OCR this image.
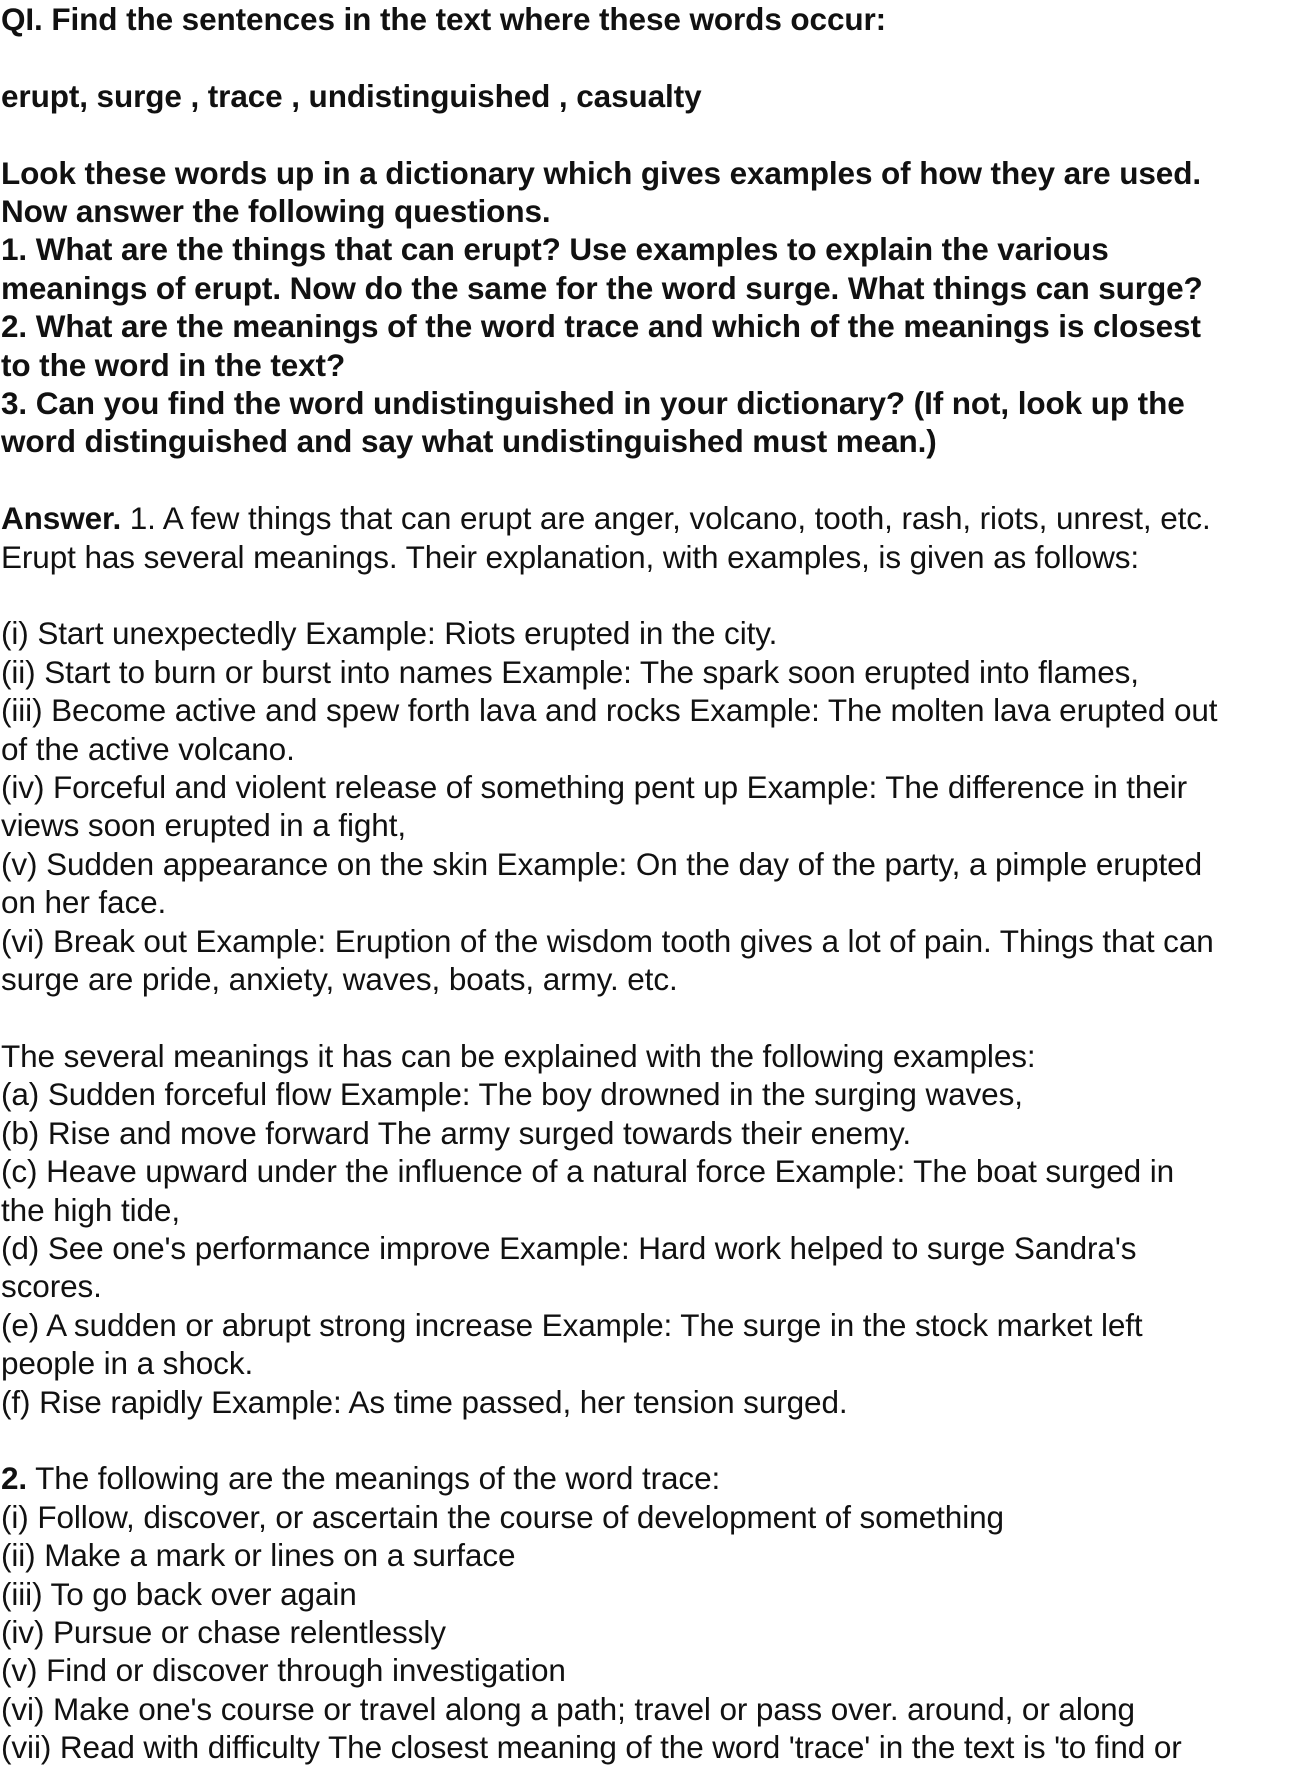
QI. Find the sentences in the text where these words occur:
erupt, surge , trace , undistinguished , casualty
Look these words up in a dictionary which gives examples of how they are used.
Now answer the following questions.
1. What are the things that can erupt? Use examples to explain the various
meanings of erupt. Now do the same for the word surge. What things can surge?
2. What are the meanings of the word trace and which of the meanings is closest
to the word in the text?
3. Can you find the word undistinguished in your dictionary? (If not, look up the
word distinguished and say what undistinguished must mean.)
Answer. 1. A few things that can erupt are anger, volcano, tooth, rash, riots, unrest, etc.
Erupt has several meanings. Their explanation, with examples, is given as follows:
(i) Start unexpectedly Example: Riots erupted in the city.
(ii) Start to burn or burst into names Example: The spark soon erupted into flames,
(iii) Become active and spew forth lava and rocks Example: The molten lava erupted out
of the active volcano.
(iv) Forceful and violent release of something pent up Example: The difference in their
views soon erupted in a fight,
(v) Sudden appearance on the skin Example: On the day of the party, a pimple erupted
on her face.
(vi) Break out Example: Eruption of the wisdom tooth gives a lot of pain. Things that can
surge are pride, anxiety, waves, boats, army. etc.
The several meanings it has can be explained with the following examples:
(a) Sudden forceful flow Example: The boy drowned in the surging waves,
(b) Rise and move forward The army surged towards their enemy.
(c) Heave upward under the influence of a natural force Example: The boat surged in
the high tide,
(d) See one's performance improve Example: Hard work helped to surge Sandra's
scores.
(e) A sudden or abrupt strong increase Example: The surge in the stock market left
people in a shock.
(f) Rise rapidly Example: As time passed, her tension surged.
2. The following are the meanings of the word trace:
(i) Follow, discover, or ascertain the course of development of something
(ii) Make a mark or lines on a surface
(iii) To go back over again
(iv) Pursue or chase relentlessly
(v) Find or discover through investigation
(vi) Make one's course or travel along a path; travel or pass over. around, or along
(vii) Read with difficulty The closest meaning of the word 'trace' in the text is 'to find or
